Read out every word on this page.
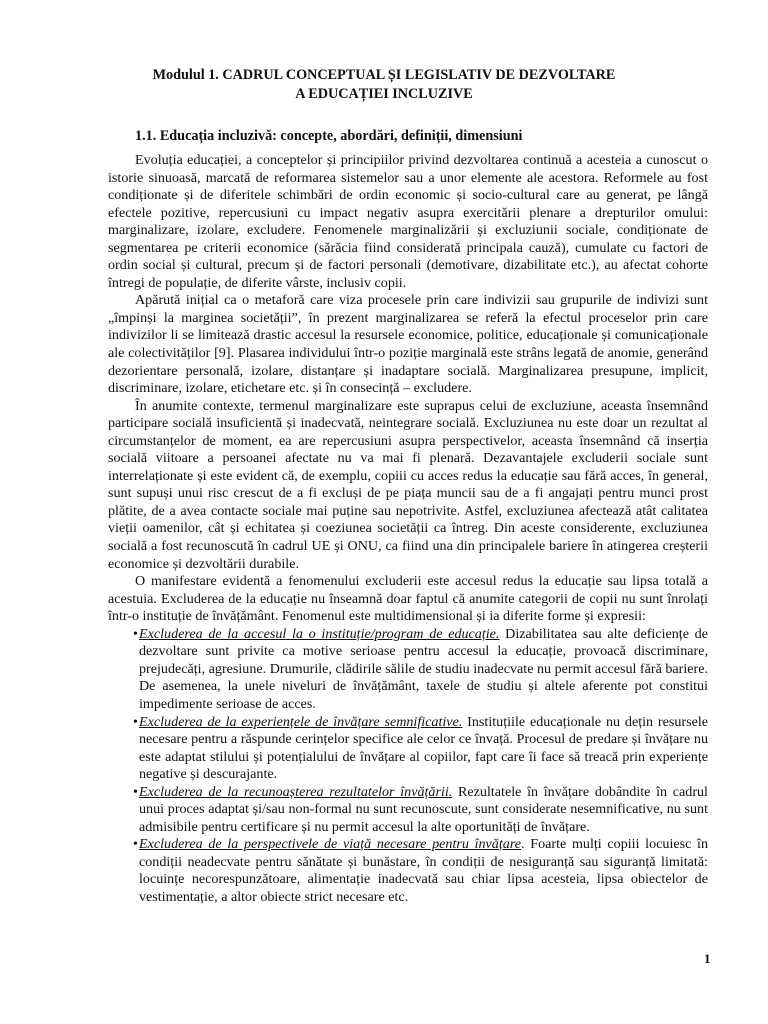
Modulul 1. CADRUL CONCEPTUAL ȘI LEGISLATIV DE DEZVOLTARE
A EDUCAȚIEI INCLUZIVE
1.1. Educația incluzivă: concepte, abordări, definiții, dimensiuni

Evoluția educației, a conceptelor și principiilor privind dezvoltarea continuă a acesteia a cunoscut o istorie sinuoasă, marcată de reformarea sistemelor sau a unor elemente ale acestora. Reformele au fost condiționate și de diferitele schimbări de ordin economic și socio-cultural care au generat, pe lângă efectele pozitive, repercusiuni cu impact negativ asupra exercitării plenare a drepturilor omului: marginalizare, izolare, excludere. Fenomenele marginalizării și excluziunii sociale, condiționate de segmentarea pe criterii economice (sărăcia fiind considerată principala cauză), cumulate cu factori de ordin social și cultural, precum și de factori personali (demotivare, dizabilitate etc.), au afectat cohorte întregi de populație, de diferite vârste, inclusiv copii.

Apărută inițial ca o metaforă care viza procesele prin care indivizii sau grupurile de indivizi sunt „împinși la marginea societății”, în prezent marginalizarea se referă la efectul proceselor prin care indivizilor li se limitează drastic accesul la resursele economice, politice, educaționale și comunicaționale ale colectivităților [9]. Plasarea individului într-o poziție marginală este strâns legată de anomie, generând dezorientare personală, izolare, distanțare și inadaptare socială. Marginalizarea presupune, implicit, discriminare, izolare, etichetare etc. și în consecință – excludere.

În anumite contexte, termenul marginalizare este suprapus celui de excluziune, aceasta însemnând participare socială insuficientă și inadecvată, neintegrare socială. Excluziunea nu este doar un rezultat al circumstanțelor de moment, ea are repercusiuni asupra perspectivelor, aceasta însemnând că inserția socială viitoare a persoanei afectate nu va mai fi plenară. Dezavantajele excluderii sociale sunt interrelaționate și este evident că, de exemplu, copiii cu acces redus la educație sau fără acces, în general, sunt supuși unui risc crescut de a fi excluși de pe piața muncii sau de a fi angajați pentru munci prost plătite, de a avea contacte sociale mai puține sau nepotrivite. Astfel, excluziunea afectează atât calitatea vieții oamenilor, cât și echitatea și coeziunea societății ca întreg. Din aceste considerente, excluziunea socială a fost recunoscută în cadrul UE și ONU, ca fiind una din principalele bariere în atingerea creșterii economice și dezvoltării durabile.

O manifestare evidentă a fenomenului excluderii este accesul redus la educație sau lipsa totală a acestuia. Excluderea de la educație nu înseamnă doar faptul că anumite categorii de copii nu sunt înrolați într-o instituție de învățământ. Fenomenul este multidimensional și ia diferite forme și expresii:

• Excluderea de la accesul la o instituție/program de educație. Dizabilitatea sau alte deficiențe de dezvoltare sunt privite ca motive serioase pentru accesul la educație, provoacă discriminare, prejudecăți, agresiune. Drumurile, clădirile sălile de studiu inadecvate nu permit accesul fără bariere. De asemenea, la unele niveluri de învățământ, taxele de studiu și altele aferente pot constitui impedimente serioase de acces.
• Excluderea de la experiențele de învățare semnificative. Instituțiile educaționale nu dețin resursele necesare pentru a răspunde cerințelor specifice ale celor ce învață. Procesul de predare și învățare nu este adaptat stilului și potențialului de învățare al copiilor, fapt care îi face să treacă prin experiențe negative și descurajante.
• Excluderea de la recunoașterea rezultatelor învățării. Rezultatele în învățare dobândite în cadrul unui proces adaptat și/sau non-formal nu sunt recunoscute, sunt considerate nesemnificative, nu sunt admisibile pentru certificare și nu permit accesul la alte oportunități de învățare.
• Excluderea de la perspectivele de viață necesare pentru învățare. Foarte mulți copiii locuiesc în condiții neadecvate pentru sănătate și bunăstare, în condiții de nesiguranță sau siguranță limitată: locuințe necorespunzătoare, alimentație inadecvată sau chiar lipsa acesteia, lipsa obiectelor de vestimentație, a altor obiecte strict necesare etc.
1
